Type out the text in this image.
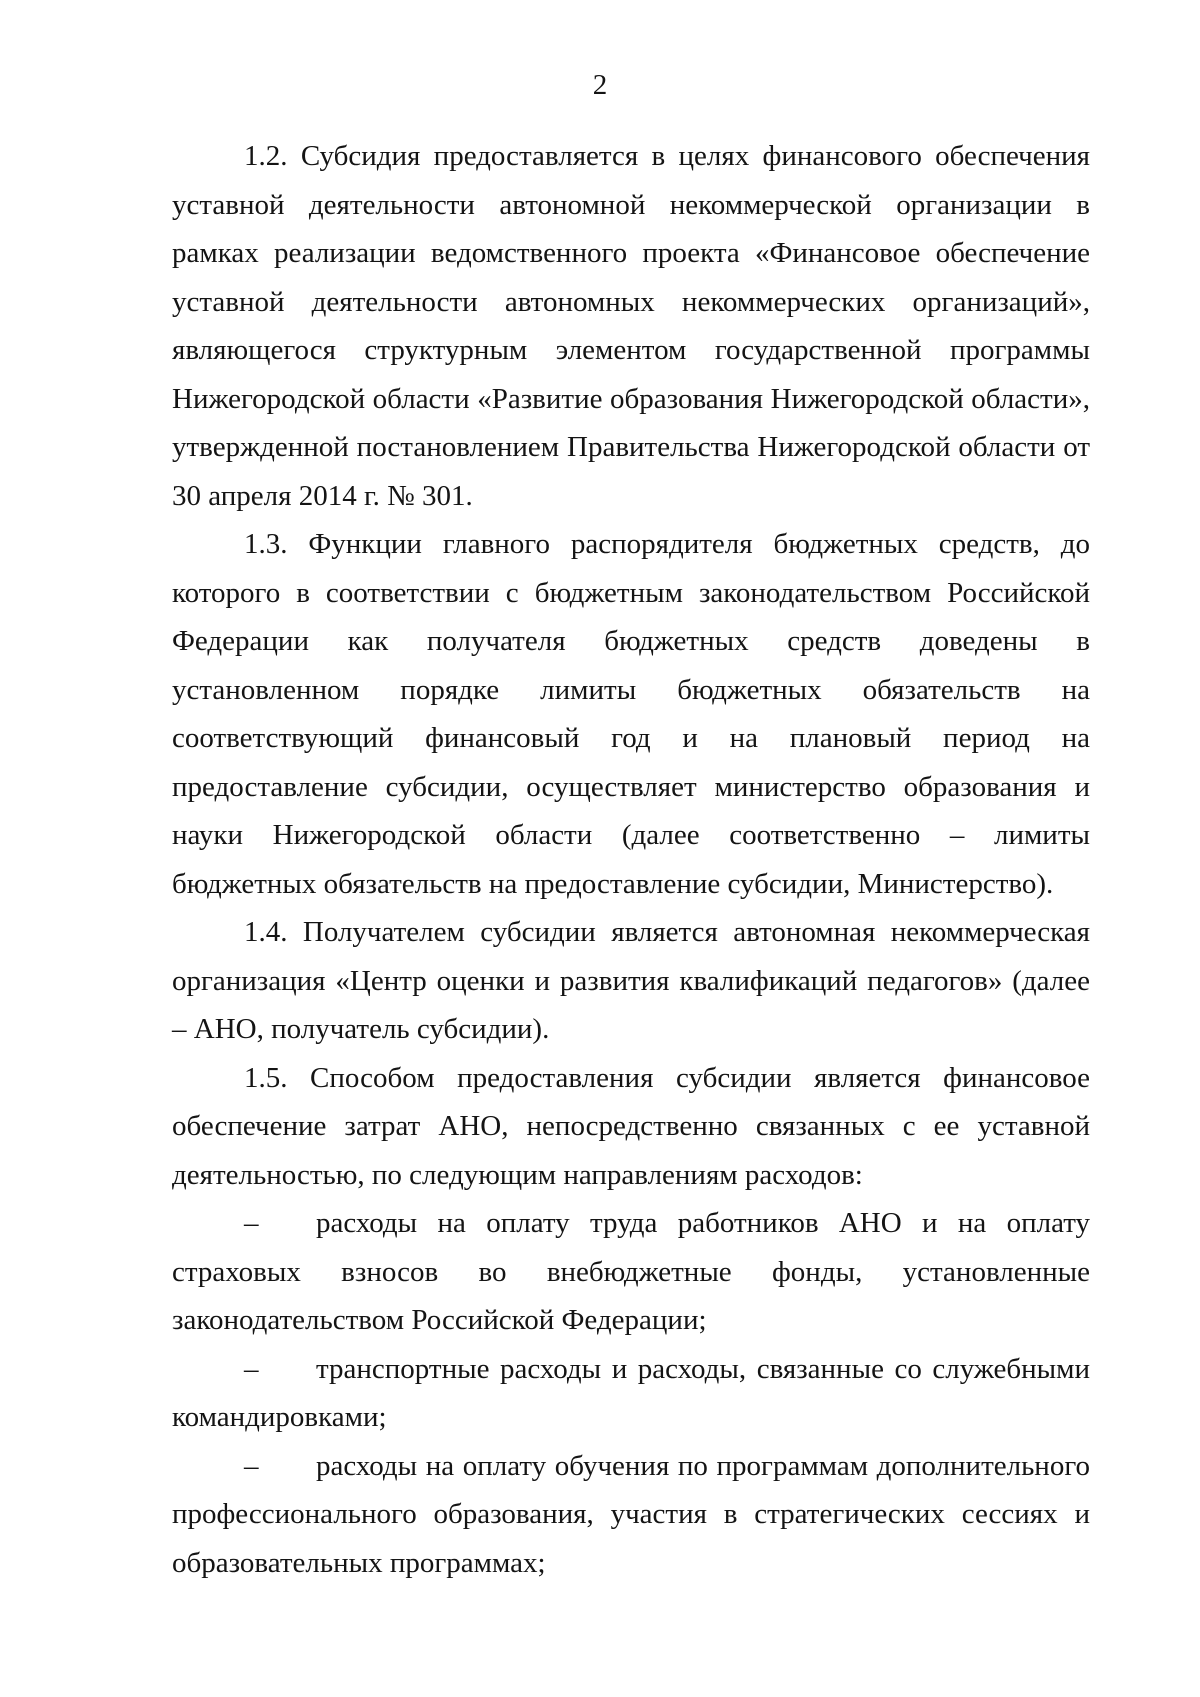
2

1.2. Субсидия предоставляется в целях финансового обеспечения уставной деятельности автономной некоммерческой организации в рамках реализации ведомственного проекта «Финансовое обеспечение уставной деятельности автономных некоммерческих организаций», являющегося структурным элементом государственной программы Нижегородской области «Развитие образования Нижегородской области», утвержденной постановлением Правительства Нижегородской области от 30 апреля 2014 г. № 301.

1.3. Функции главного распорядителя бюджетных средств, до которого в соответствии с бюджетным законодательством Российской Федерации как получателя бюджетных средств доведены в установленном порядке лимиты бюджетных обязательств на соответствующий финансовый год и на плановый период на предоставление субсидии, осуществляет министерство образования и науки Нижегородской области (далее соответственно – лимиты бюджетных обязательств на предоставление субсидии, Министерство).

1.4. Получателем субсидии является автономная некоммерческая организация «Центр оценки и развития квалификаций педагогов» (далее – АНО, получатель субсидии).

1.5. Способом предоставления субсидии является финансовое обеспечение затрат АНО, непосредственно связанных с ее уставной деятельностью, по следующим направлениям расходов:

– расходы на оплату труда работников АНО и на оплату страховых взносов во внебюджетные фонды, установленные законодательством Российской Федерации;

– транспортные расходы и расходы, связанные со служебными командировками;

– расходы на оплату обучения по программам дополнительного профессионального образования, участия в стратегических сессиях и образовательных программах;
